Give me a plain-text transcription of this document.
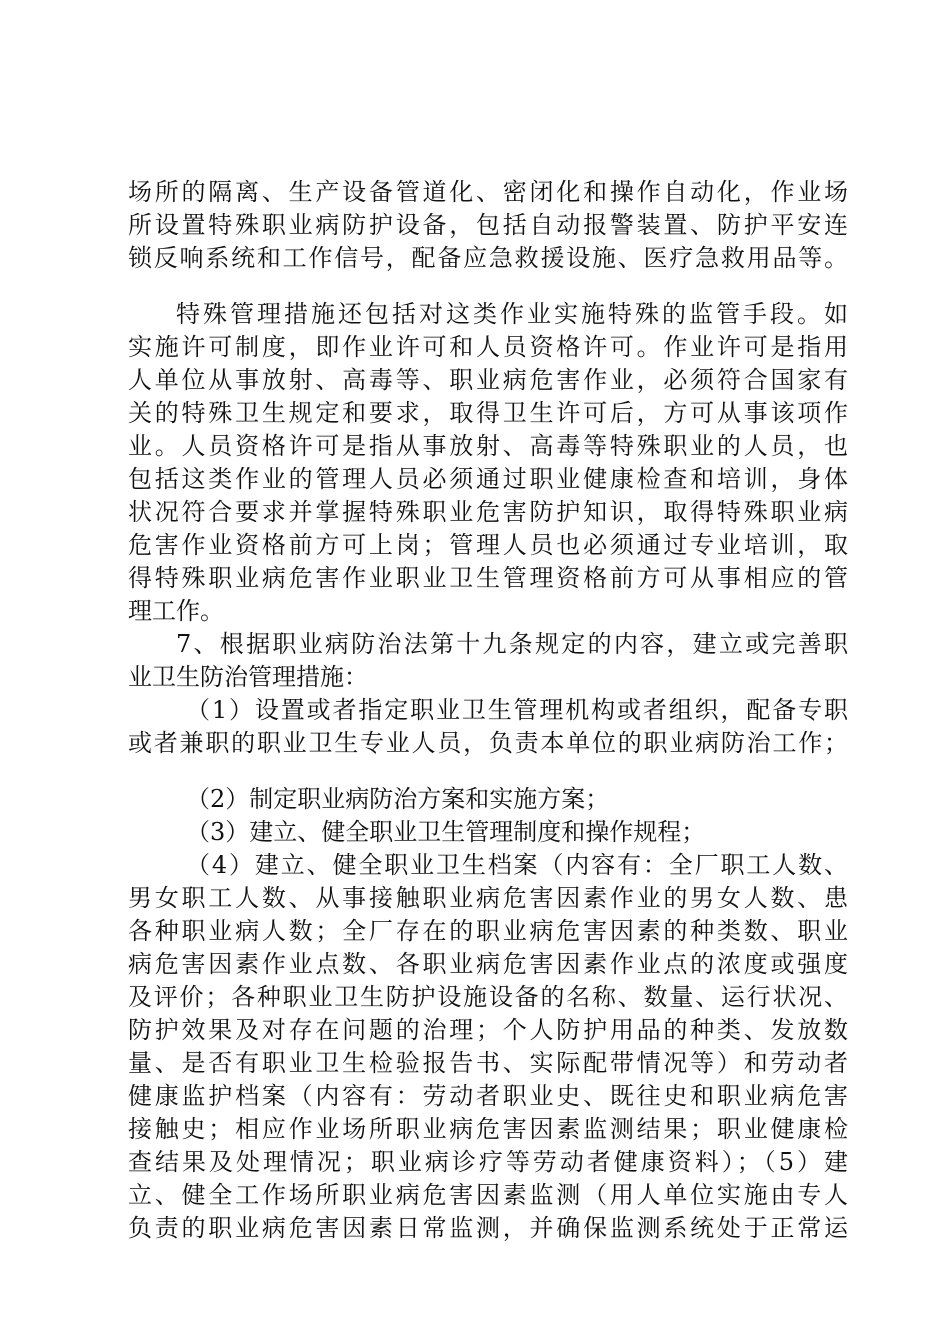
场所的隔离、生产设备管道化、密闭化和操作自动化，作业场
所设置特殊职业病防护设备，包括自动报警装置、防护平安连
锁反响系统和工作信号，配备应急救援设施、医疗急救用品等。
特殊管理措施还包括对这类作业实施特殊的监管手段。如
实施许可制度，即作业许可和人员资格许可。作业许可是指用
人单位从事放射、高毒等、职业病危害作业，必须符合国家有
关的特殊卫生规定和要求，取得卫生许可后，方可从事该项作
业。人员资格许可是指从事放射、高毒等特殊职业的人员，也
包括这类作业的管理人员必须通过职业健康检查和培训，身体
状况符合要求并掌握特殊职业危害防护知识，取得特殊职业病
危害作业资格前方可上岗；管理人员也必须通过专业培训，取
得特殊职业病危害作业职业卫生管理资格前方可从事相应的管
理工作。
7、根据职业病防治法第十九条规定的内容，建立或完善职
业卫生防治管理措施：
（1）设置或者指定职业卫生管理机构或者组织，配备专职
或者兼职的职业卫生专业人员，负责本单位的职业病防治工作；
（2）制定职业病防治方案和实施方案；
（3）建立、健全职业卫生管理制度和操作规程；
（4）建立、健全职业卫生档案（内容有：全厂职工人数、
男女职工人数、从事接触职业病危害因素作业的男女人数、患
各种职业病人数；全厂存在的职业病危害因素的种类数、职业
病危害因素作业点数、各职业病危害因素作业点的浓度或强度
及评价；各种职业卫生防护设施设备的名称、数量、运行状况、
防护效果及对存在问题的治理；个人防护用品的种类、发放数
量、是否有职业卫生检验报告书、实际配带情况等）和劳动者
健康监护档案（内容有：劳动者职业史、既往史和职业病危害
接触史；相应作业场所职业病危害因素监测结果；职业健康检
查结果及处理情况；职业病诊疗等劳动者健康资料）；（5）建
立、健全工作场所职业病危害因素监测（用人单位实施由专人
负责的职业病危害因素日常监测，并确保监测系统处于正常运
